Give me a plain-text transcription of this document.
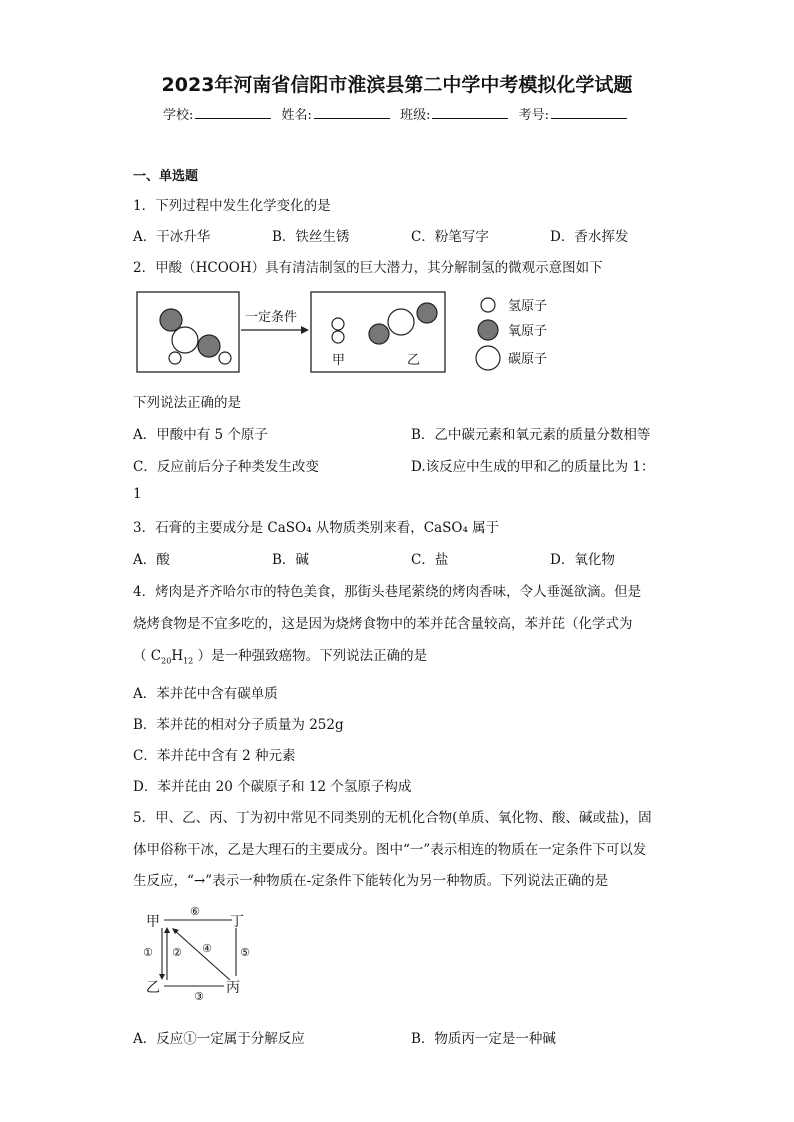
2023年河南省信阳市淮滨县第二中学中考模拟化学试题
学校:	姓名:	班级:	考号:
一、单选题
1．下列过程中发生化学变化的是
A．干冰升华	B．铁丝生锈	C．粉笔写字	D．香水挥发
2．甲酸（HCOOH）具有清洁制氢的巨大潜力，其分解制氢的微观示意图如下
一定条件
甲	乙
氢原子
氧原子
碳原子
下列说法正确的是
A．甲酸中有 5 个原子	B．乙中碳元素和氧元素的质量分数相等
C．反应前后分子种类发生改变	D.该反应中生成的甲和乙的质量比为 1：
1
3．石膏的主要成分是 CaSO₄ 从物质类别来看，CaSO₄ 属于
A．酸	B．碱	C．盐	D．氧化物
4．烤肉是齐齐哈尔市的特色美食，那街头巷尾萦绕的烤肉香味，令人垂涎欲滴。但是
烧烤食物是不宜多吃的，这是因为烧烤食物中的苯并芘含量较高，苯并芘（化学式为
（ $C_{20}H_{12}$ ）是一种强致癌物。下列说法正确的是
A．苯并芘中含有碳单质
B．苯并芘的相对分子质量为 252g
C．苯并芘中含有 2 种元素
D．苯并芘由 20 个碳原子和 12 个氢原子构成
5．甲、乙、丙、丁为初中常见不同类别的无机化合物(单质、氧化物、酸、碱或盐)，固
体甲俗称干冰，乙是大理石的主要成分。图中“一”表示相连的物质在一定条件下可以发
生反应，“→”表示一种物质在-定条件下能转化为另一种物质。下列说法正确的是
甲	丁
乙	丙
⑥
① ② ④	⑤
③
A．反应①一定属于分解反应	B．物质丙一定是一种碱
